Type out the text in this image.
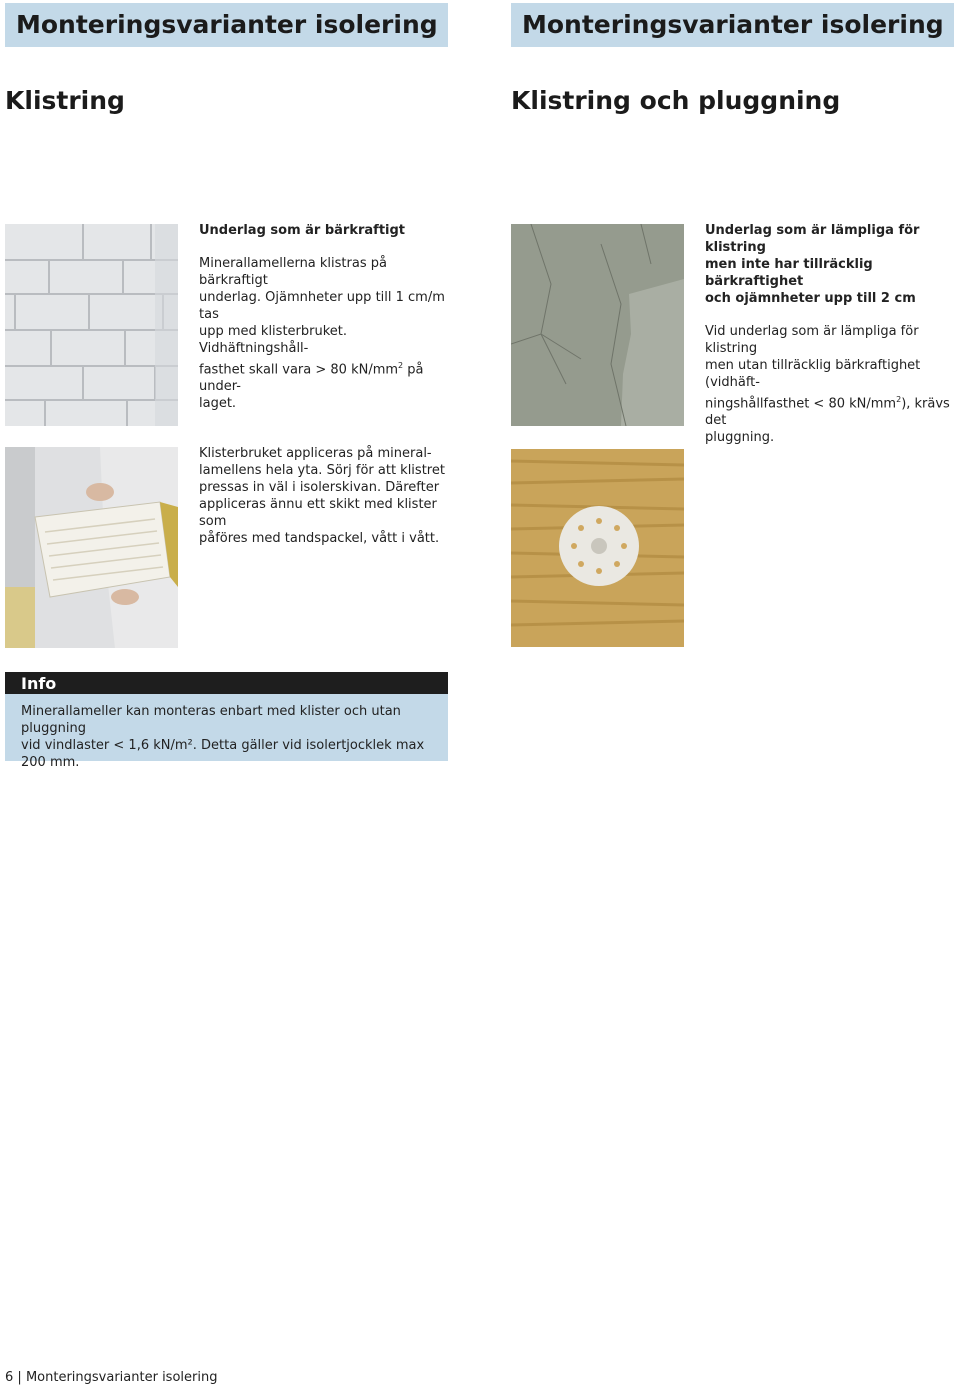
Monteringsvarianter isolering	Monteringsvarianter isolering
Klistring	Klistring och pluggning

Underlag som är bärkraftigt

Minerallamellerna klistras på bärkraftigt
underlag. Ojämnheter upp till 1 cm/m tas
upp med klisterbruket. Vidhäftningshåll-
fasthet skall vara > 80 $kN/mm^2$ på under-
laget.

Underlag som är lämpliga för klistring
men inte har tillräcklig bärkraftighet
och ojämnheter upp till 2 cm

Vid underlag som är lämpliga för klistring
men utan tillräcklig bärkraftighet (vidhäft-
ningshållfasthet < 80 $kN/mm^2$), krävs det
pluggning.

Klisterbruket appliceras på mineral-
lamellens hela yta. Sörj för att klistret
pressas in väl i isolerskivan. Därefter
appliceras ännu ett skikt med klister som
påföres med tandspackel, vått i vått.

Info
Minerallameller kan monteras enbart med klister och utan pluggning
vid vindlaster < 1,6 kN/m². Detta gäller vid isolertjocklek max 200 mm.
6 | Monteringsvarianter isolering
